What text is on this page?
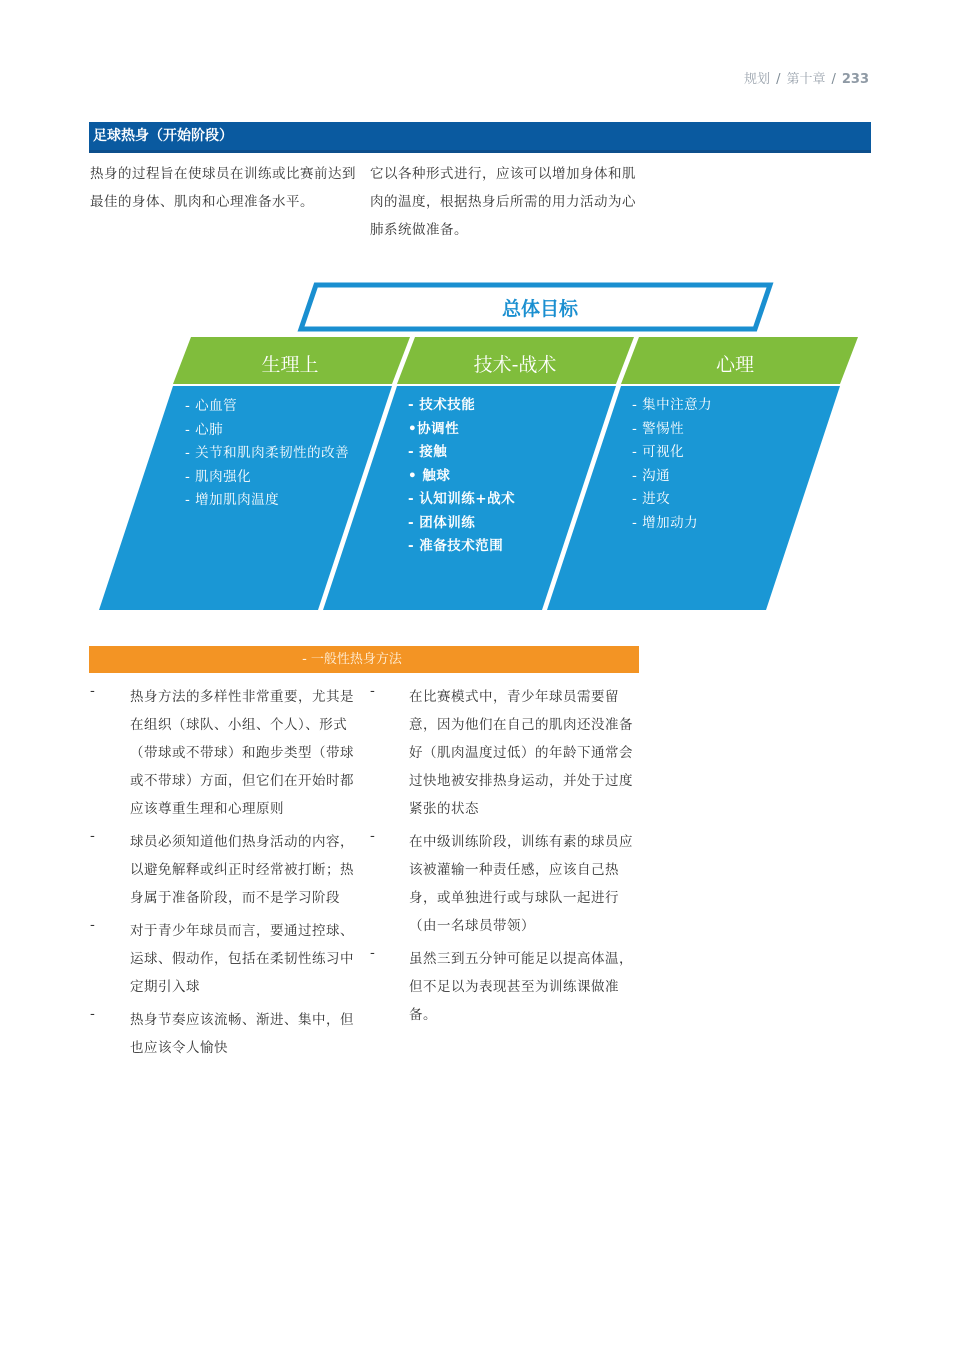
规划 / 第十章 / 233
足球热身（开始阶段）
热身的过程旨在使球员在训练或比赛前达到最佳的身体、肌肉和心理准备水平。
它以各种形式进行，应该可以增加身体和肌肉的温度，根据热身后所需的用力活动为心肺系统做准备。
总体目标
生理上	技术-战术	心理
- 心血管
- 心肺
- 关节和肌肉柔韧性的改善
- 肌肉强化
- 增加肌肉温度
- 技术技能
•协调性
- 接触
• 触球
- 认知训练+战术
- 团体训练
- 准备技术范围
- 集中注意力
- 警惕性
- 可视化
- 沟通
- 进攻
- 增加动力
- 一般性热身方法
-	热身方法的多样性非常重要，尤其是在组织（球队、小组、个人）、形式（带球或不带球）和跑步类型（带球或不带球）方面，但它们在开始时都应该尊重生理和心理原则
-	球员必须知道他们热身活动的内容，以避免解释或纠正时经常被打断；热身属于准备阶段，而不是学习阶段
-	对于青少年球员而言，要通过控球、运球、假动作，包括在柔韧性练习中定期引入球
-	热身节奏应该流畅、渐进、集中，但也应该令人愉快
-	在比赛模式中，青少年球员需要留意，因为他们在自己的肌肉还没准备好（肌肉温度过低）的年龄下通常会过快地被安排热身运动，并处于过度紧张的状态
-	在中级训练阶段，训练有素的球员应该被灌输一种责任感，应该自己热身，或单独进行或与球队一起进行（由一名球员带领）
-	虽然三到五分钟可能足以提高体温，但不足以为表现甚至为训练课做准备。
